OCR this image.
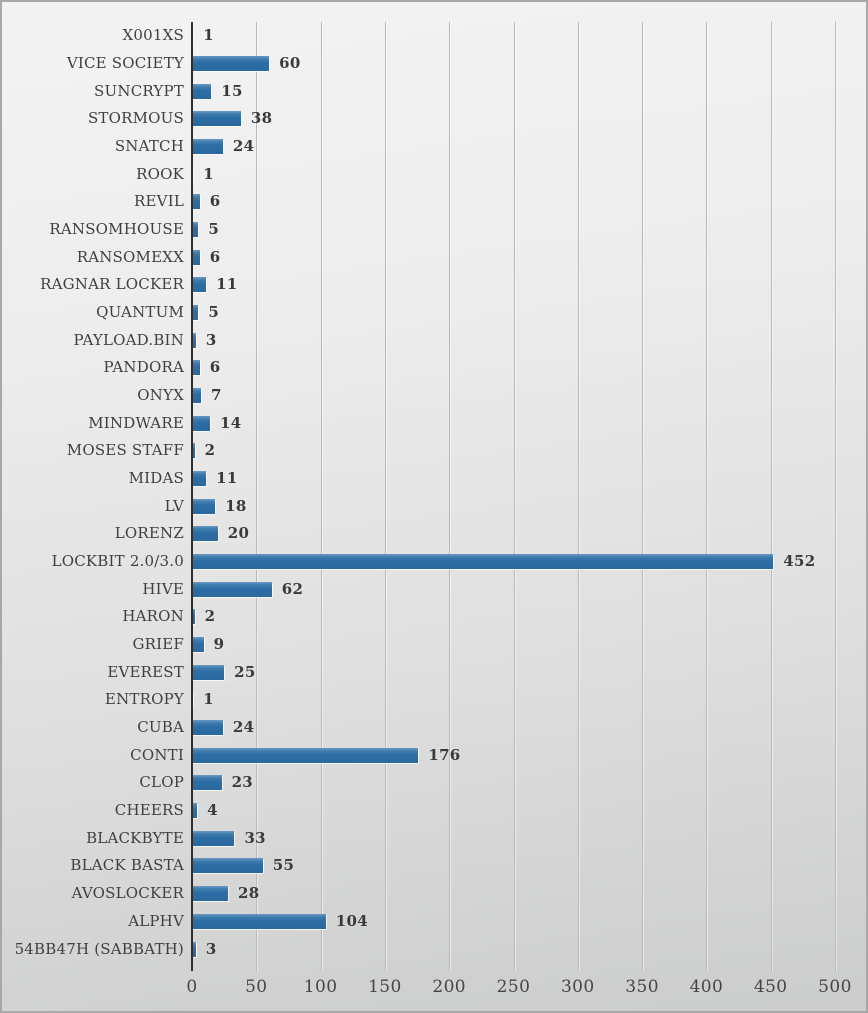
X001XS
VICE SOCIETY
SUNCRYPT
STORMOUS
SNATCH
ROOK
REVIL
RANSOMHOUSE
RANSOMEXX
RAGNAR LOCKER
QUANTUM
PAYLOAD.BIN
PANDORA
ONYX
MINDWARE
MOSES STAFF
MIDAS
LV
LORENZ
LOCKBIT 2.0/3.0
HIVE
HARON
GRIEF
EVEREST
ENTROPY
CUBA
CONTI
CLOP
CHEERS
BLACKBYTE
BLACK BASTA
AVOSLOCKER
ALPHV
54BB47H (SABBATH)
1
60
15
38
24
1
6
5
6
11
5
3
6
7
14
2
11
18
20
452
62
2
9
25
1
24
176
23
4
33
55
28
104
3
0	50 100 150 200 250 300 350 400 450 500
